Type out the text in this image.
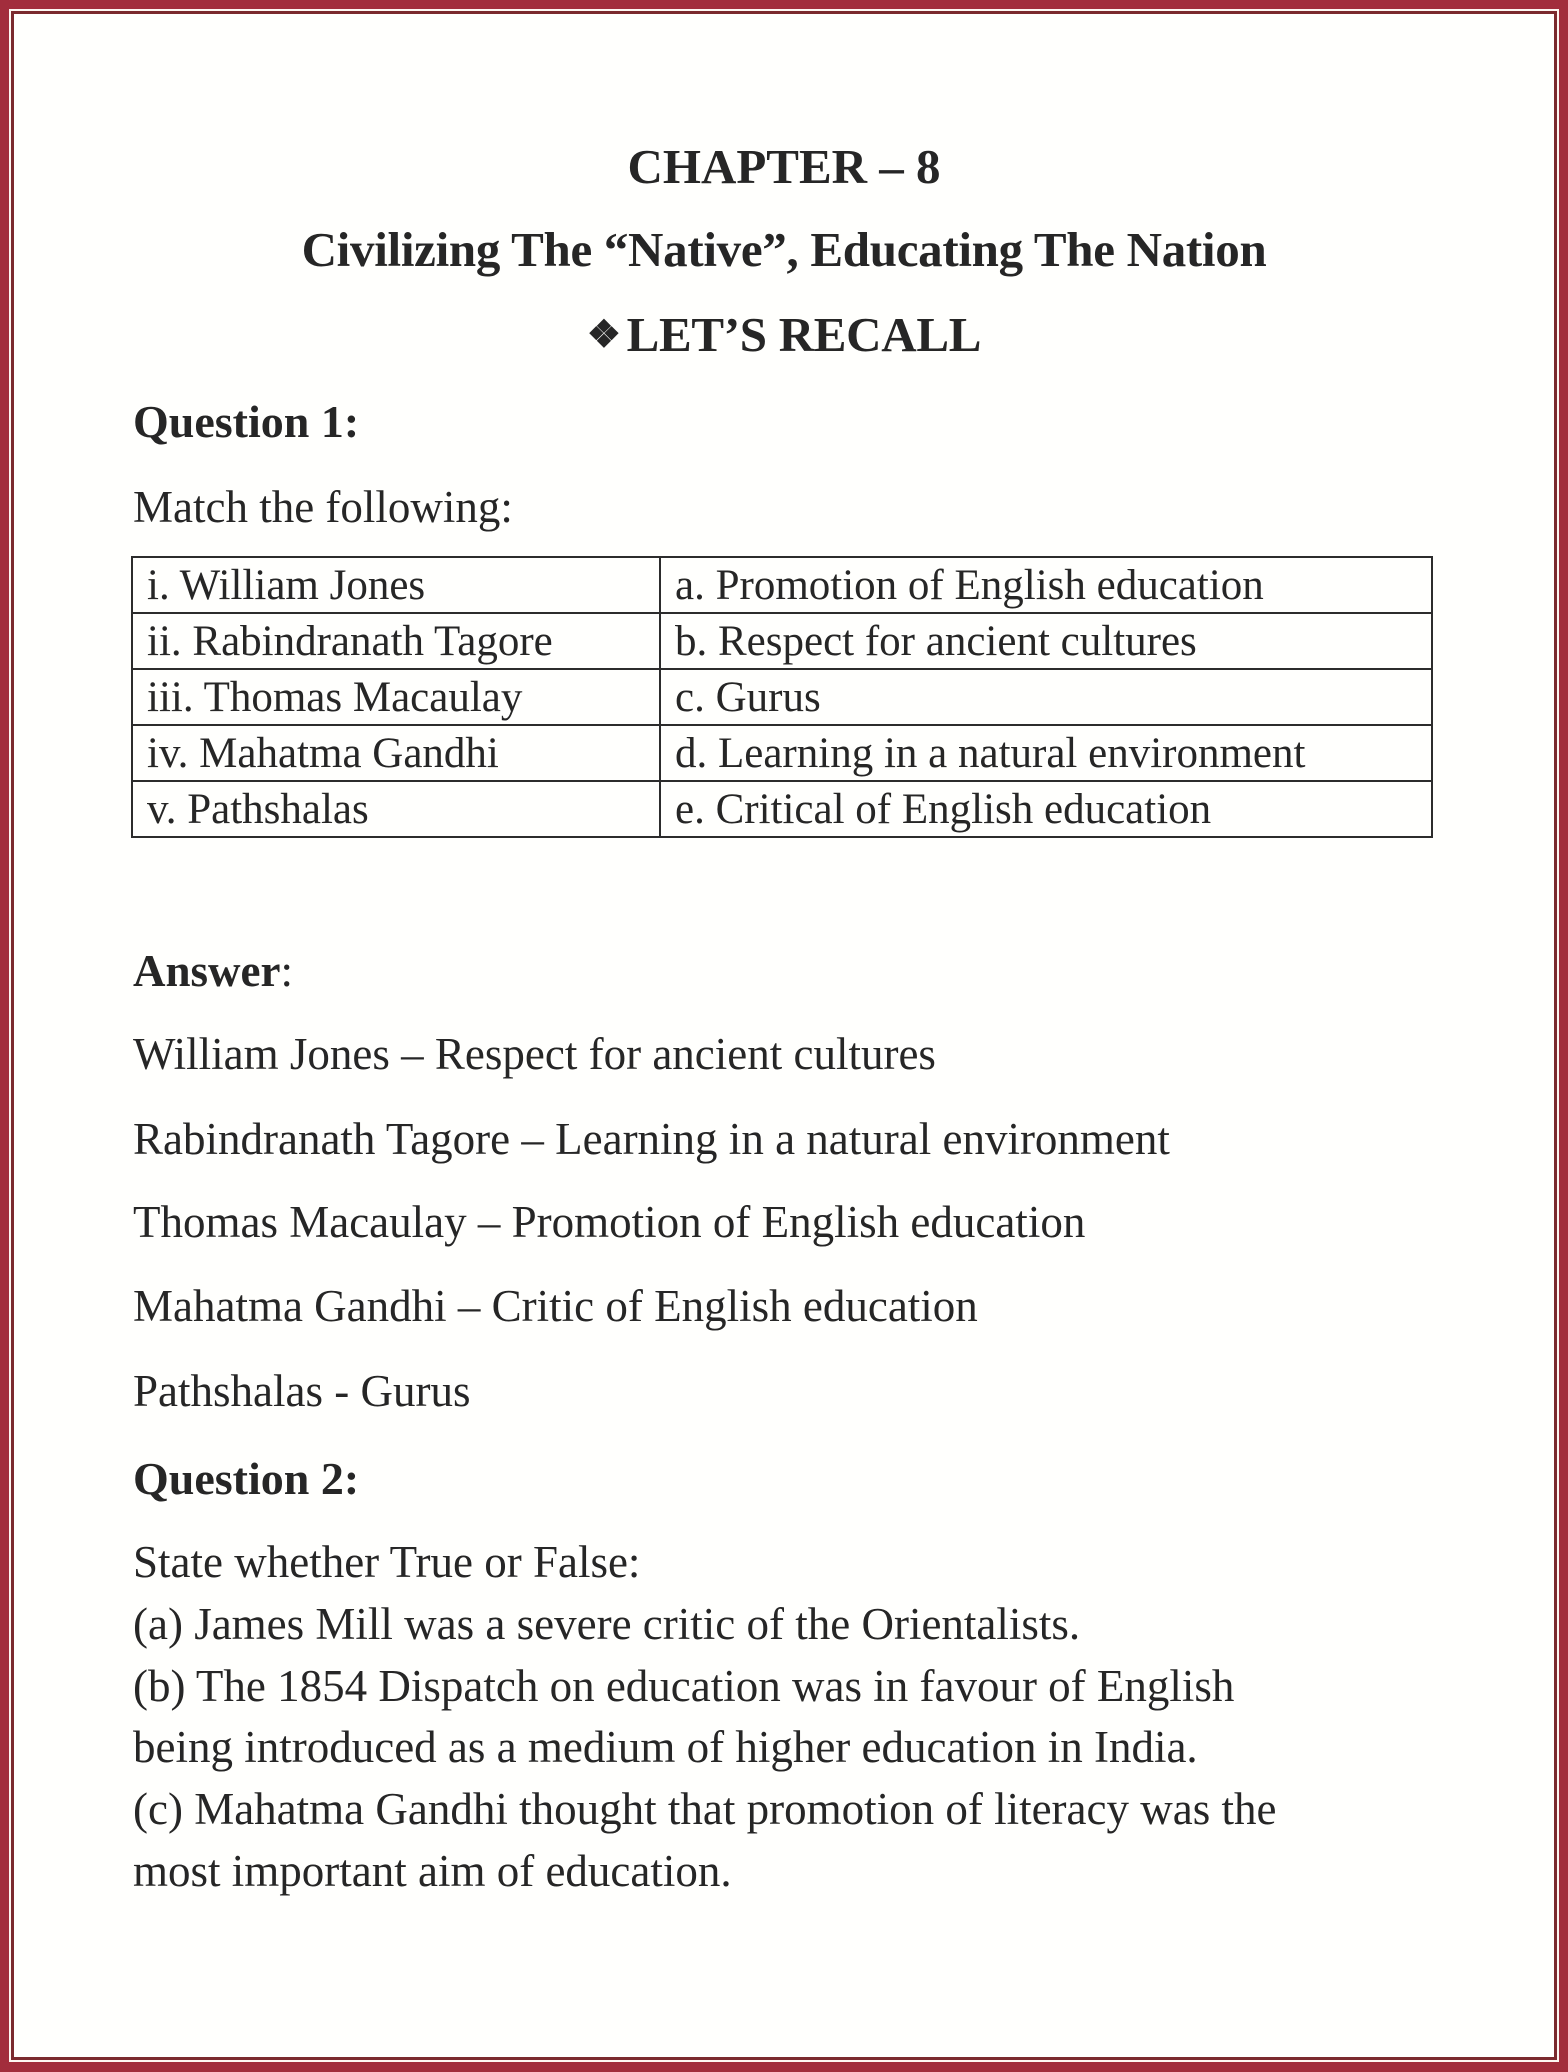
CHAPTER – 8
Civilizing The “Native”, Educating The Nation
❖ LET’S RECALL
Question 1:
Match the following:
i. William Jones	a. Promotion of English education
ii. Rabindranath Tagore	b. Respect for ancient cultures
iii. Thomas Macaulay	c. Gurus
iv. Mahatma Gandhi	d. Learning in a natural environment
v. Pathshalas	e. Critical of English education
Answer:
William Jones – Respect for ancient cultures
Rabindranath Tagore – Learning in a natural environment
Thomas Macaulay – Promotion of English education
Mahatma Gandhi – Critic of English education
Pathshalas - Gurus
Question 2:
State whether True or False:
(a) James Mill was a severe critic of the Orientalists.
(b) The 1854 Dispatch on education was in favour of English
being introduced as a medium of higher education in India.
(c) Mahatma Gandhi thought that promotion of literacy was the
most important aim of education.
